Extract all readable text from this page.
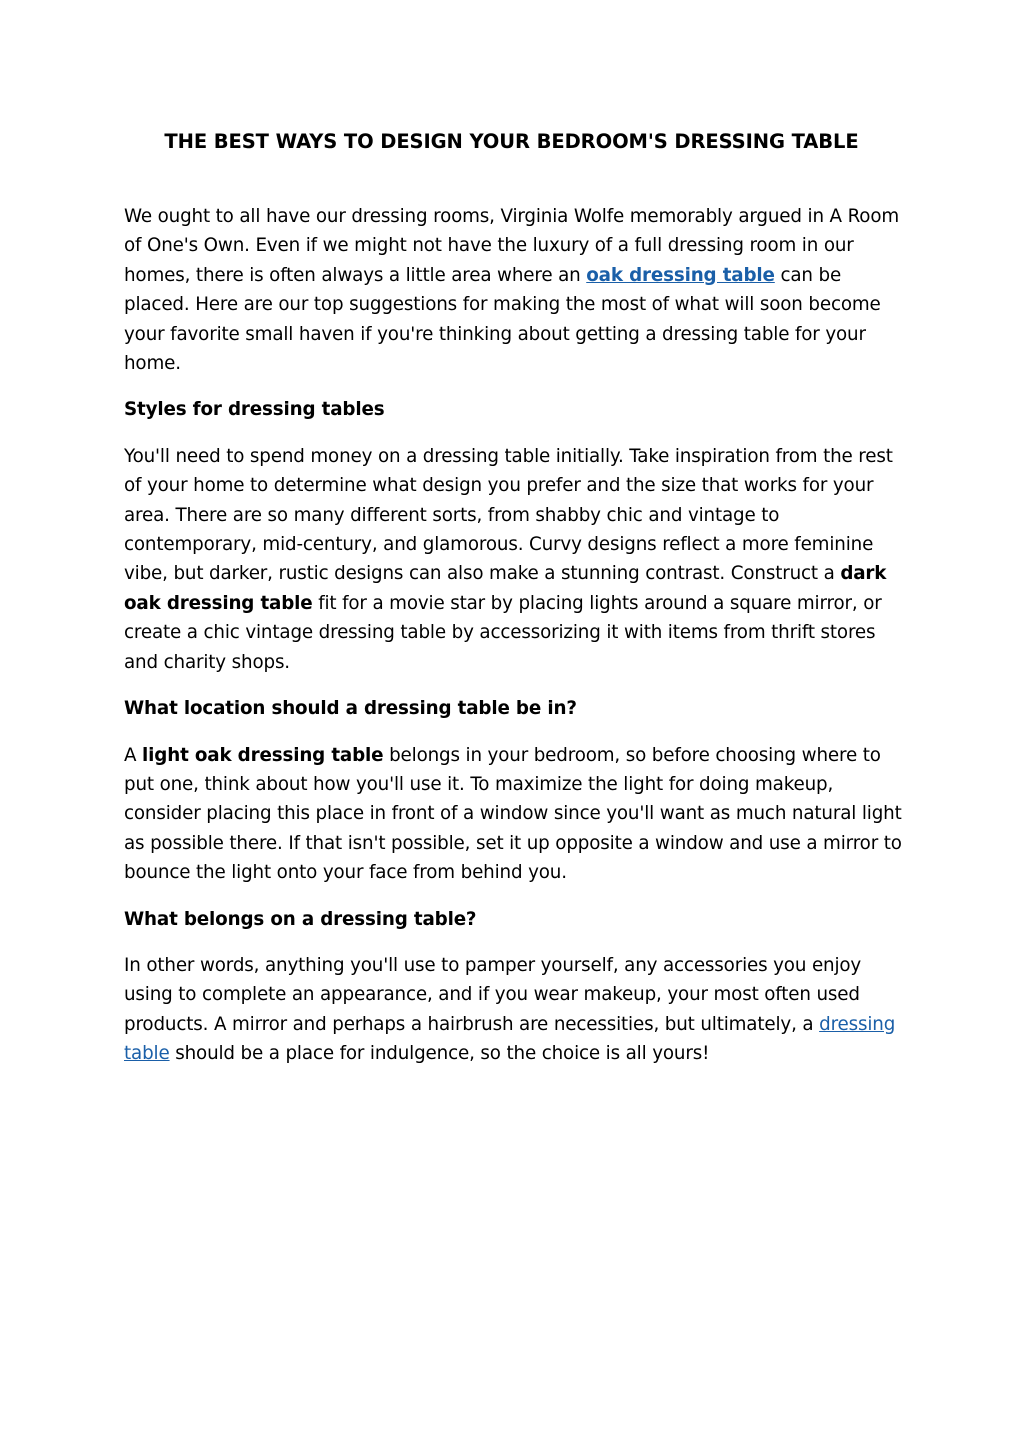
THE BEST WAYS TO DESIGN YOUR BEDROOM'S DRESSING TABLE

We ought to all have our dressing rooms, Virginia Wolfe memorably argued in A Room of One's Own. Even if we might not have the luxury of a full dressing room in our homes, there is often always a little area where an oak dressing table can be placed. Here are our top suggestions for making the most of what will soon become your favorite small haven if you're thinking about getting a dressing table for your home.

Styles for dressing tables

You'll need to spend money on a dressing table initially. Take inspiration from the rest of your home to determine what design you prefer and the size that works for your area. There are so many different sorts, from shabby chic and vintage to contemporary, mid-century, and glamorous. Curvy designs reflect a more feminine vibe, but darker, rustic designs can also make a stunning contrast. Construct a dark oak dressing table fit for a movie star by placing lights around a square mirror, or create a chic vintage dressing table by accessorizing it with items from thrift stores and charity shops.

What location should a dressing table be in?

A light oak dressing table belongs in your bedroom, so before choosing where to put one, think about how you'll use it. To maximize the light for doing makeup, consider placing this place in front of a window since you'll want as much natural light as possible there. If that isn't possible, set it up opposite a window and use a mirror to bounce the light onto your face from behind you.

What belongs on a dressing table?

In other words, anything you'll use to pamper yourself, any accessories you enjoy using to complete an appearance, and if you wear makeup, your most often used products. A mirror and perhaps a hairbrush are necessities, but ultimately, a dressing table should be a place for indulgence, so the choice is all yours!
